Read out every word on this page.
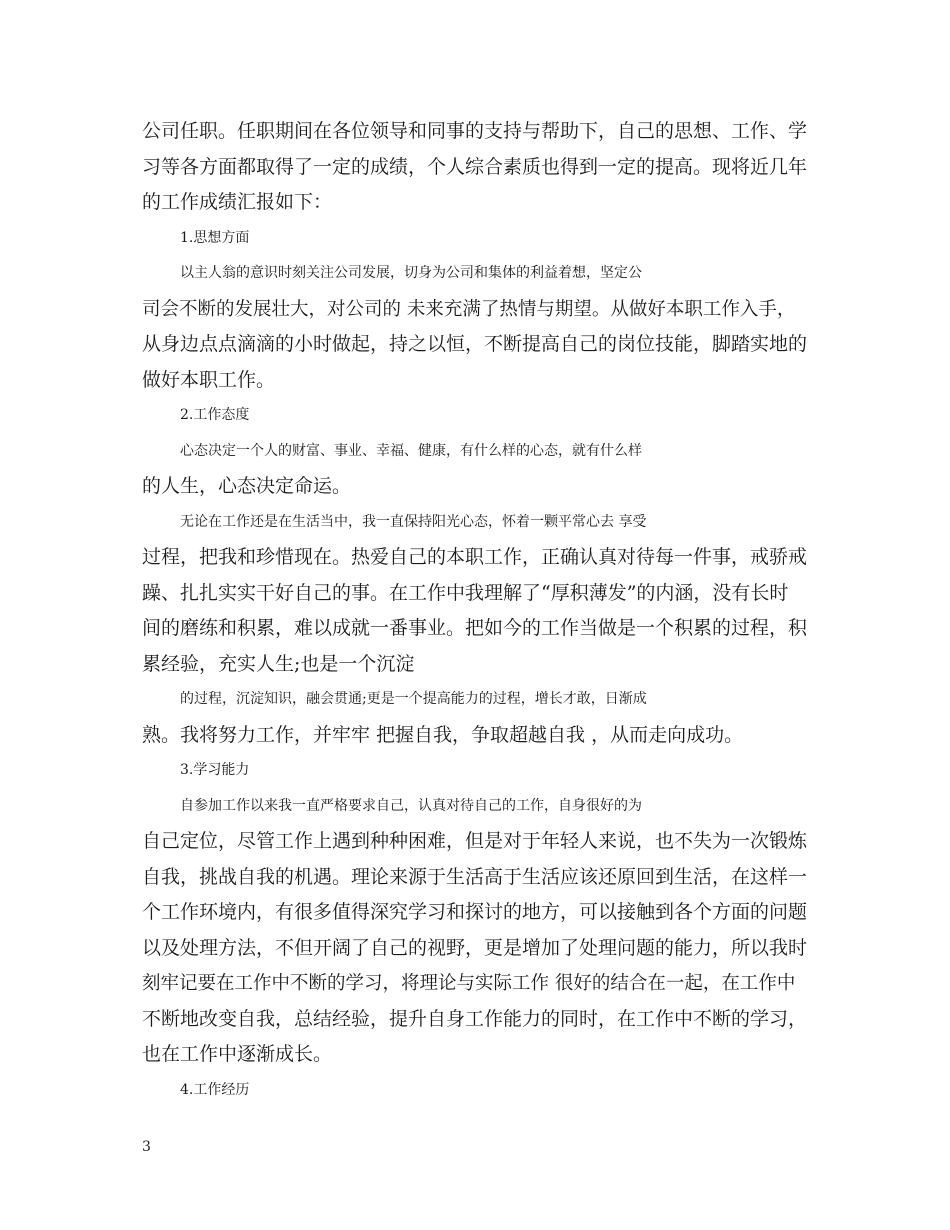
公司任职。任职期间在各位领导和同事的支持与帮助下，自己的思想、工作、学
习等各方面都取得了一定的成绩，个人综合素质也得到一定的提高。现将近几年
的工作成绩汇报如下：
1.思想方面
以主人翁的意识时刻关注公司发展，切身为公司和集体的利益着想，坚定公
司会不断的发展壮大，对公司的 未来充满了热情与期望。从做好本职工作入手，
从身边点点滴滴的小时做起，持之以恒，不断提高自己的岗位技能，脚踏实地的
做好本职工作。
2.工作态度
心态决定一个人的财富、事业、幸福、健康，有什么样的心态，就有什么样
的人生，心态决定命运。
无论在工作还是在生活当中，我一直保持阳光心态，怀着一颗平常心去 享受
过程，把我和珍惜现在。热爱自己的本职工作，正确认真对待每一件事，戒骄戒
躁、扎扎实实干好自己的事。在工作中我理解了“厚积薄发”的内涵，没有长时
间的磨练和积累，难以成就一番事业。把如今的工作当做是一个积累的过程，积
累经验，充实人生;也是一个沉淀
的过程，沉淀知识，融会贯通;更是一个提高能力的过程，增长才敢，日渐成
熟。我将努力工作，并牢牢 把握自我，争取超越自我 ，从而走向成功。
3.学习能力
自参加工作以来我一直严格要求自己，认真对待自己的工作，自身很好的为
自己定位，尽管工作上遇到种种困难，但是对于年轻人来说，也不失为一次锻炼
自我，挑战自我的机遇。理论来源于生活高于生活应该还原回到生活，在这样一
个工作环境内，有很多值得深究学习和探讨的地方，可以接触到各个方面的问题
以及处理方法，不但开阔了自己的视野，更是增加了处理问题的能力，所以我时
刻牢记要在工作中不断的学习，将理论与实际工作 很好的结合在一起，在工作中
不断地改变自我，总结经验，提升自身工作能力的同时，在工作中不断的学习，
也在工作中逐渐成长。
4.工作经历
3
